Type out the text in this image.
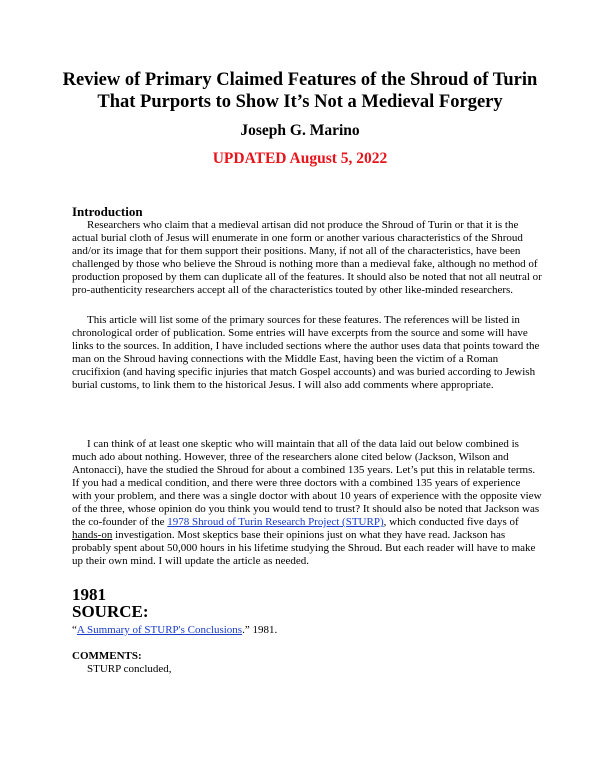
Review of Primary Claimed Features of the Shroud of Turin
That Purports to Show It’s Not a Medieval Forgery
Joseph G. Marino
UPDATED August 5, 2022
Introduction

Researchers who claim that a medieval artisan did not produce the Shroud of Turin or that it is the actual burial cloth of Jesus will enumerate in one form or another various characteristics of the Shroud and/or its image that for them support their positions. Many, if not all of the characteristics, have been challenged by those who believe the Shroud is nothing more than a medieval fake, although no method of production proposed by them can duplicate all of the features. It should also be noted that not all neutral or pro-authenticity researchers accept all of the characteristics touted by other like-minded researchers.

This article will list some of the primary sources for these features. The references will be listed in chronological order of publication. Some entries will have excerpts from the source and some will have links to the sources. In addition, I have included sections where the author uses data that points toward the man on the Shroud having connections with the Middle East, having been the victim of a Roman crucifixion (and having specific injuries that match Gospel accounts) and was buried according to Jewish burial customs, to link them to the historical Jesus. I will also add comments where appropriate.

I can think of at least one skeptic who will maintain that all of the data laid out below combined is much ado about nothing. However, three of the researchers alone cited below (Jackson, Wilson and Antonacci), have the studied the Shroud for about a combined 135 years. Let’s put this in relatable terms. If you had a medical condition, and there were three doctors with a combined 135 years of experience with your problem, and there was a single doctor with about 10 years of experience with the opposite view of the three, whose opinion do you think you would tend to trust? It should also be noted that Jackson was the co-founder of the 1978 Shroud of Turin Research Project (STURP), which conducted five days of hands-on investigation. Most skeptics base their opinions just on what they have read. Jackson has probably spent about 50,000 hours in his lifetime studying the Shroud. But each reader will have to make up their own mind. I will update the article as needed.

1981
SOURCE:
“A Summary of STURP's Conclusions.” 1981.
COMMENTS:
STURP concluded,
